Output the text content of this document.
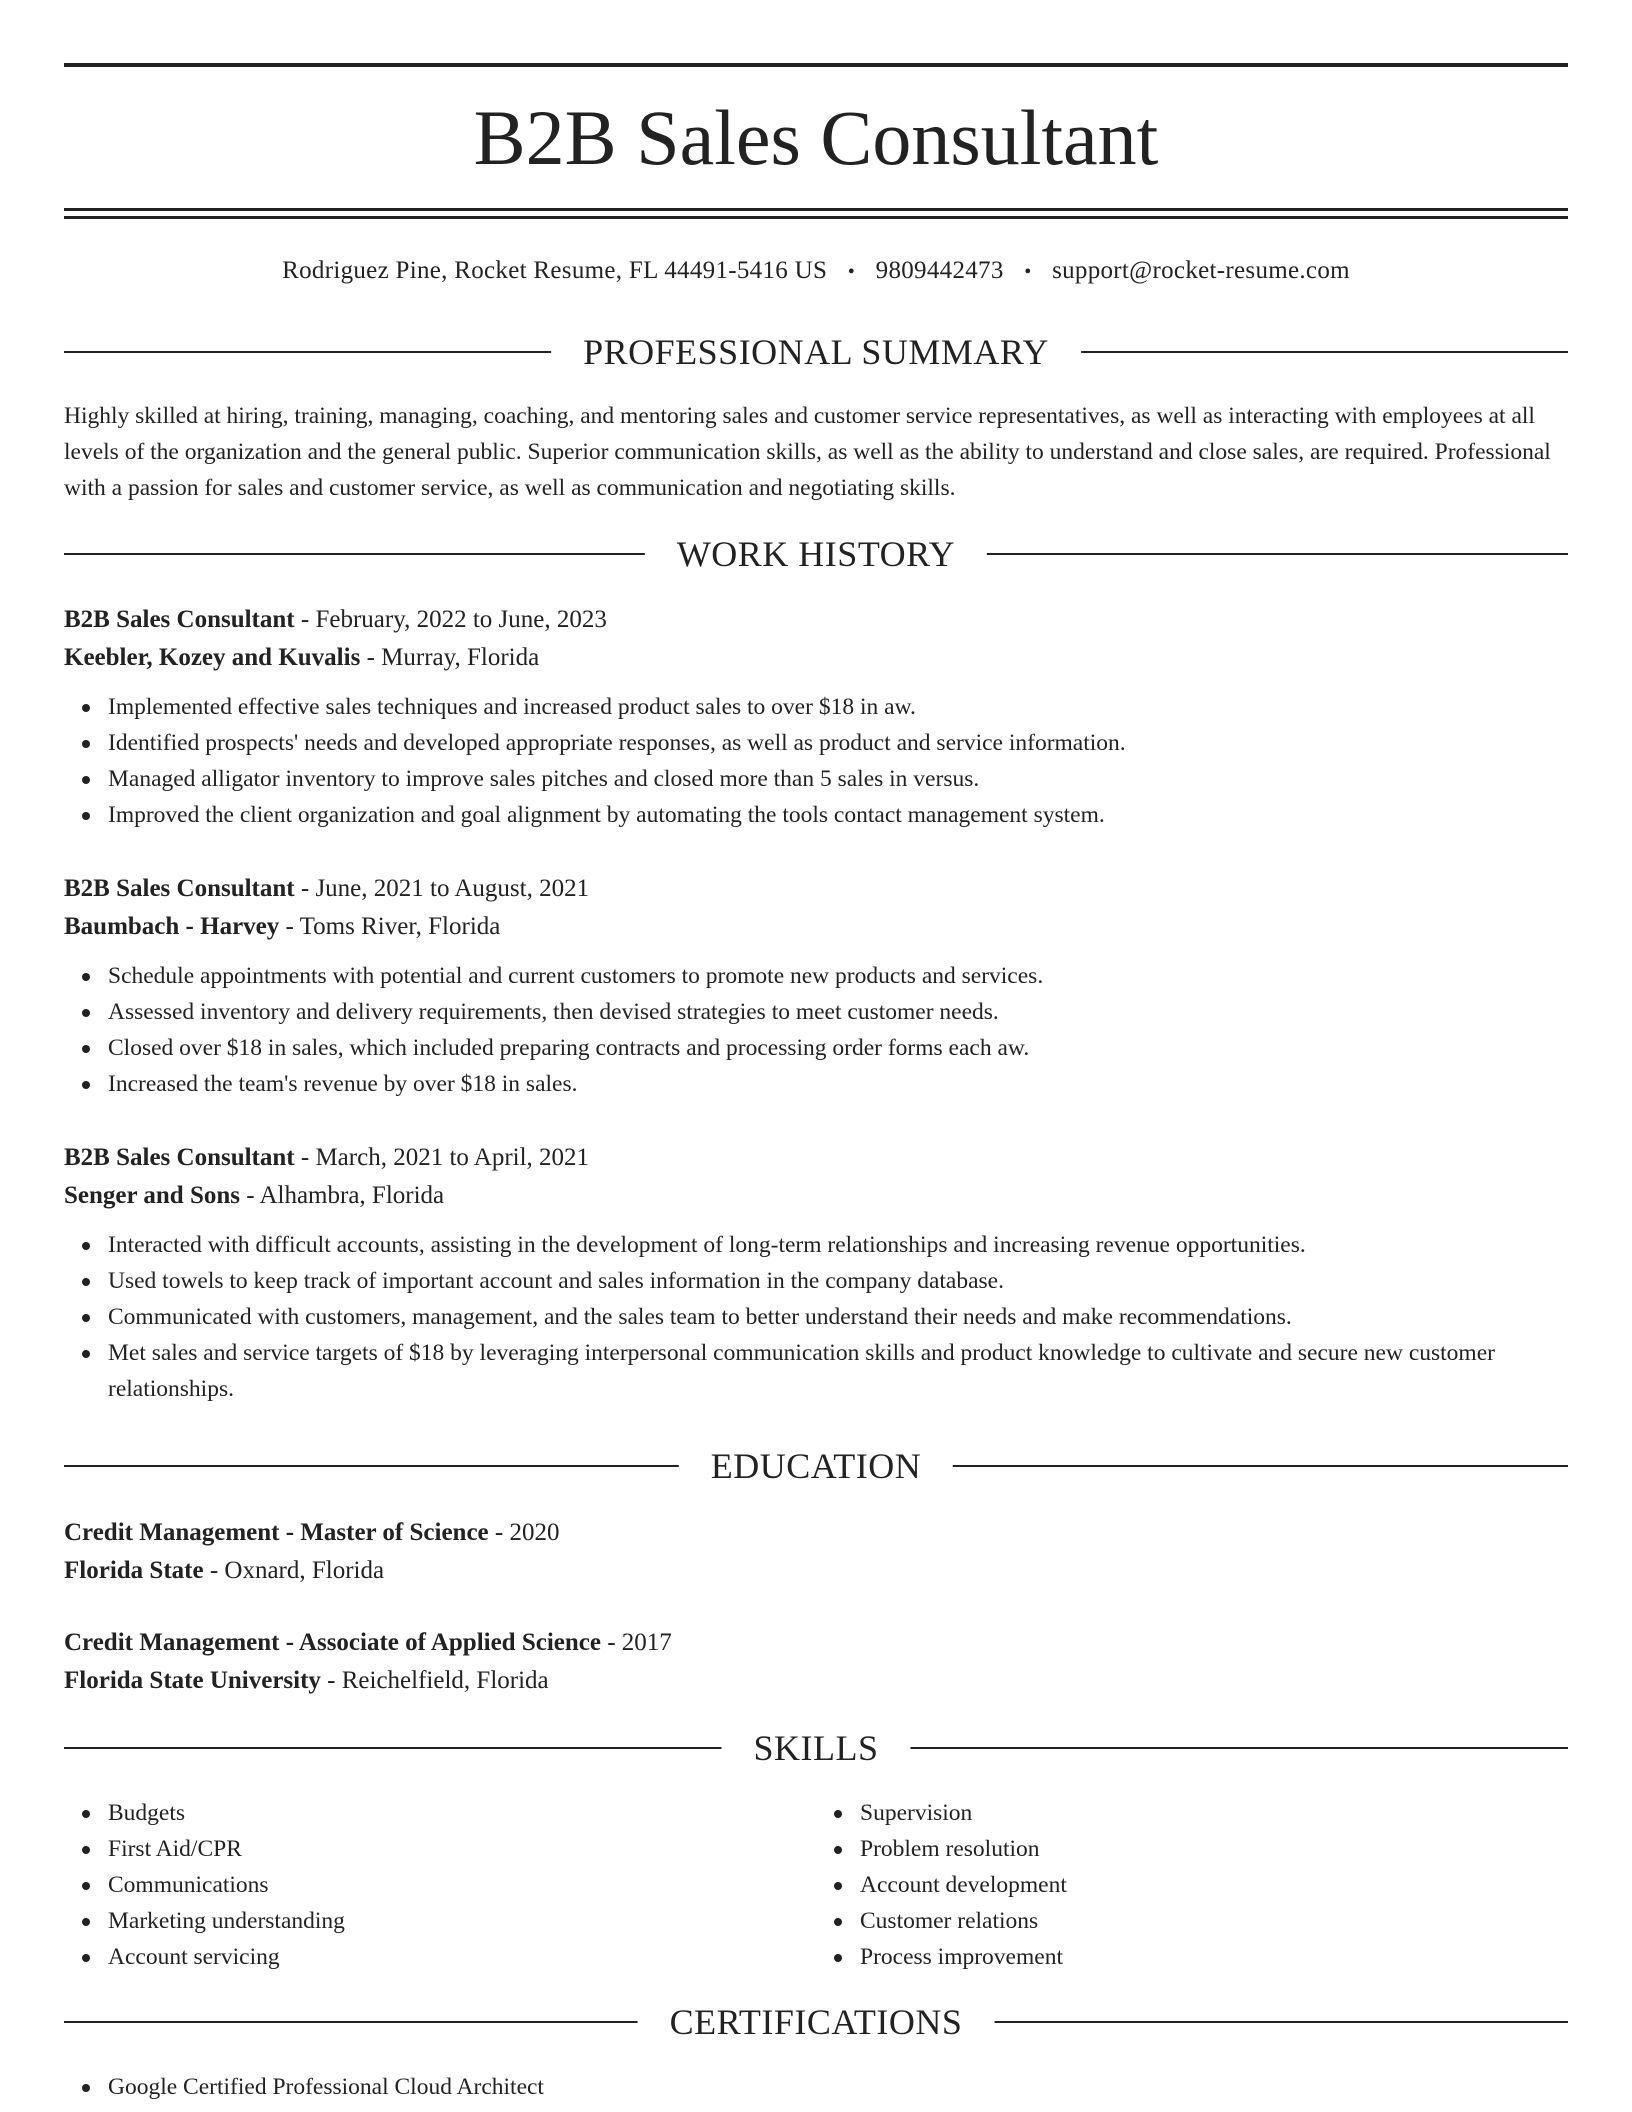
B2B Sales Consultant
Rodriguez Pine, Rocket Resume, FL 44491-5416 US • 9809442473 • support@rocket-resume.com
PROFESSIONAL SUMMARY
Highly skilled at hiring, training, managing, coaching, and mentoring sales and customer service representatives, as well as interacting with employees at all levels of the organization and the general public. Superior communication skills, as well as the ability to understand and close sales, are required. Professional with a passion for sales and customer service, as well as communication and negotiating skills.
WORK HISTORY
B2B Sales Consultant - February, 2022 to June, 2023
Keebler, Kozey and Kuvalis - Murray, Florida
Implemented effective sales techniques and increased product sales to over $18 in aw.
Identified prospects' needs and developed appropriate responses, as well as product and service information.
Managed alligator inventory to improve sales pitches and closed more than 5 sales in versus.
Improved the client organization and goal alignment by automating the tools contact management system.
B2B Sales Consultant - June, 2021 to August, 2021
Baumbach - Harvey - Toms River, Florida
Schedule appointments with potential and current customers to promote new products and services.
Assessed inventory and delivery requirements, then devised strategies to meet customer needs.
Closed over $18 in sales, which included preparing contracts and processing order forms each aw.
Increased the team's revenue by over $18 in sales.
B2B Sales Consultant - March, 2021 to April, 2021
Senger and Sons - Alhambra, Florida
Interacted with difficult accounts, assisting in the development of long-term relationships and increasing revenue opportunities.
Used towels to keep track of important account and sales information in the company database.
Communicated with customers, management, and the sales team to better understand their needs and make recommendations.
Met sales and service targets of $18 by leveraging interpersonal communication skills and product knowledge to cultivate and secure new customer relationships.
EDUCATION
Credit Management - Master of Science - 2020
Florida State - Oxnard, Florida
Credit Management - Associate of Applied Science - 2017
Florida State University - Reichelfield, Florida
SKILLS
Budgets
First Aid/CPR
Communications
Marketing understanding
Account servicing
Supervision
Problem resolution
Account development
Customer relations
Process improvement
CERTIFICATIONS
Google Certified Professional Cloud Architect
